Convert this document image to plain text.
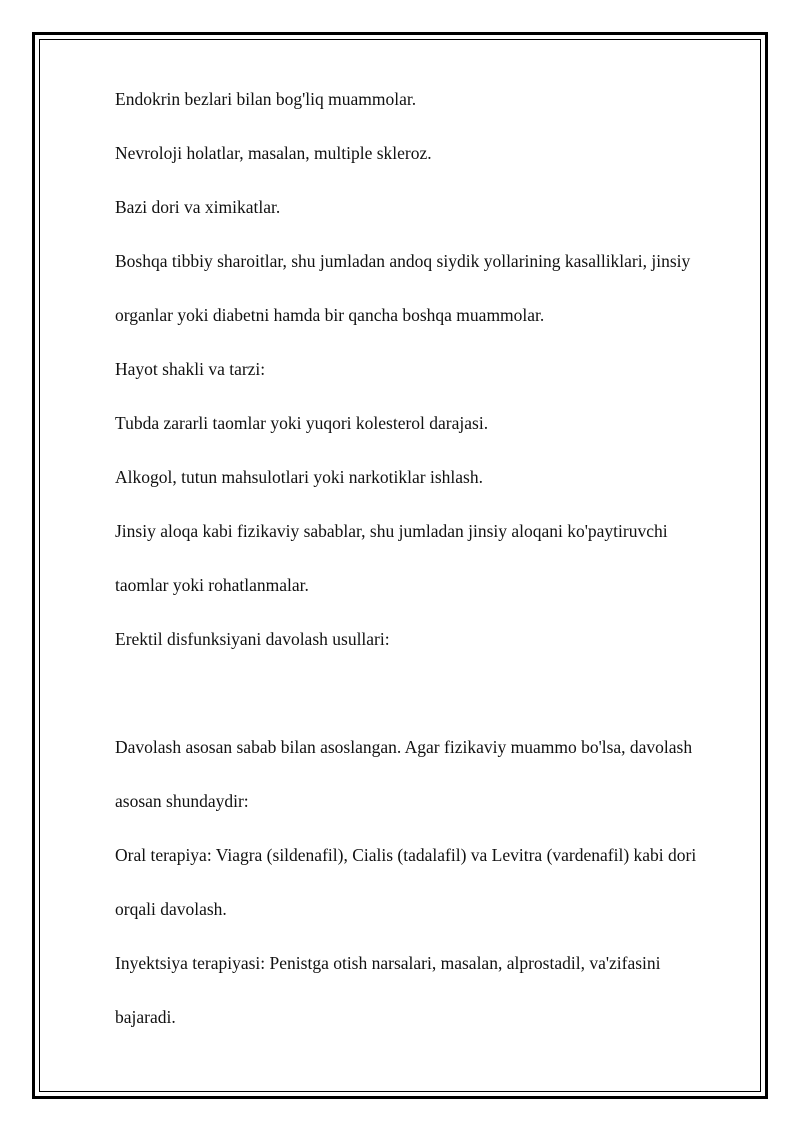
Endokrin bezlari bilan bog'liq muammolar.

Nevroloji holatlar, masalan, multiple skleroz.

Bazi dori va ximikatlar.

Boshqa tibbiy sharoitlar, shu jumladan andoq siydik yollarining kasalliklari, jinsiy

organlar yoki diabetni hamda bir qancha boshqa muammolar.

Hayot shakli va tarzi:

Tubda zararli taomlar yoki yuqori kolesterol darajasi.

Alkogol, tutun mahsulotlari yoki narkotiklar ishlash.

Jinsiy aloqa kabi fizikaviy sabablar, shu jumladan jinsiy aloqani ko'paytiruvchi

taomlar yoki rohatlanmalar.

Erektil disfunksiyani davolash usullari:

Davolash asosan sabab bilan asoslangan. Agar fizikaviy muammo bo'lsa, davolash

asosan shundaydir:

Oral terapiya: Viagra (sildenafil), Cialis (tadalafil) va Levitra (vardenafil) kabi dori

orqali davolash.

Inyektsiya terapiyasi: Penistga otish narsalari, masalan, alprostadil, va'zifasini

bajaradi.
